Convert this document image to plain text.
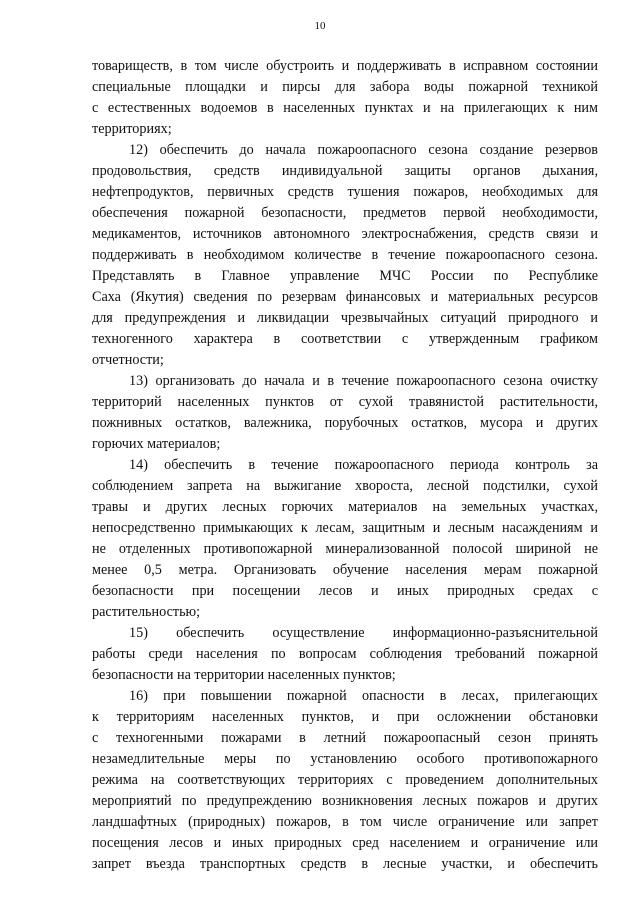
10

товариществ, в том числе обустроить и поддерживать в исправном состоянии

специальные площадки и пирсы для забора воды пожарной техникой

с естественных водоемов в населенных пунктах и на прилегающих к ним

территориях;

12) обеспечить до начала пожароопасного сезона создание резервов

продовольствия, средств индивидуальной защиты органов дыхания,

нефтепродуктов, первичных средств тушения пожаров, необходимых для

обеспечения пожарной безопасности, предметов первой необходимости,

медикаментов, источников автономного электроснабжения, средств связи и

поддерживать в необходимом количестве в течение пожароопасного сезона.

Представлять в Главное управление МЧС России по Республике

Саха (Якутия) сведения по резервам финансовых и материальных ресурсов

для предупреждения и ликвидации чрезвычайных ситуаций природного и

техногенного характера в соответствии с утвержденным графиком

отчетности;

13) организовать до начала и в течение пожароопасного сезона очистку

территорий населенных пунктов от сухой травянистой растительности,

пожнивных остатков, валежника, порубочных остатков, мусора и других

горючих материалов;

14) обеспечить в течение пожароопасного периода контроль за

соблюдением запрета на выжигание хвороста, лесной подстилки, сухой

травы и других лесных горючих материалов на земельных участках,

непосредственно примыкающих к лесам, защитным и лесным насаждениям и

не отделенных противопожарной минерализованной полосой шириной не

менее 0,5 метра. Организовать обучение населения мерам пожарной

безопасности при посещении лесов и иных природных средах с

растительностью;

15) обеспечить осуществление информационно-разъяснительной

работы среди населения по вопросам соблюдения требований пожарной

безопасности на территории населенных пунктов;

16) при повышении пожарной опасности в лесах, прилегающих

к территориям населенных пунктов, и при осложнении обстановки

с техногенными пожарами в летний пожароопасный сезон принять

незамедлительные меры по установлению особого противопожарного

режима на соответствующих территориях с проведением дополнительных

мероприятий по предупреждению возникновения лесных пожаров и других

ландшафтных (природных) пожаров, в том числе ограничение или запрет

посещения лесов и иных природных сред населением и ограничение или

запрет въезда транспортных средств в лесные участки, и обеспечить
